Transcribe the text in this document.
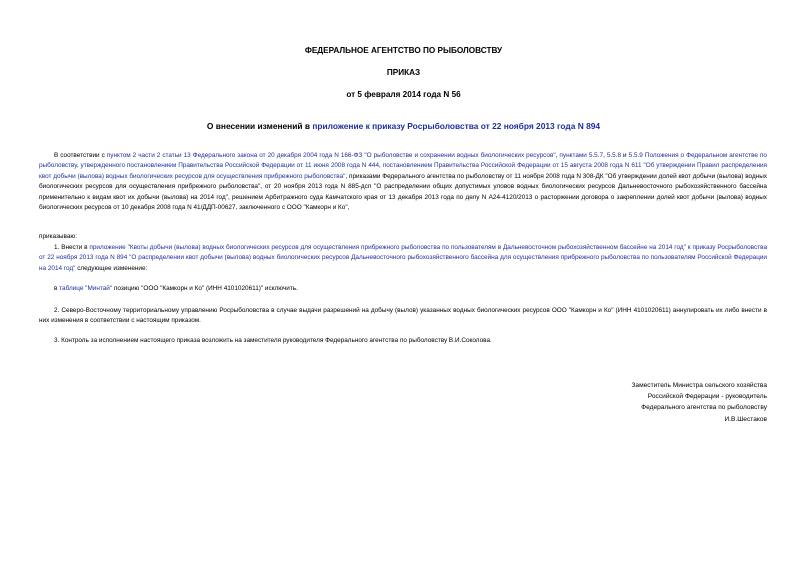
ФЕДЕРАЛЬНОЕ АГЕНТСТВО ПО РЫБОЛОВСТВУ
ПРИКАЗ
от 5 февраля 2014 года N 56
О внесении изменений в приложение к приказу Росрыболовства от 22 ноября 2013 года N 894

В соответствии с пунктом 2 части 2 статьи 13 Федерального закона от 20 декабря 2004 года N 166-ФЗ "О рыболовстве и сохранении водных биологических ресурсов", пунктами 5.5.7, 5.5.8 и 5.5.9 Положения о Федеральном агентстве по рыболовству, утвержденного постановлением Правительства Российской Федерации от 11 июня 2008 года N 444, постановлением Правительства Российской Федерации от 15 августа 2008 года N 611 "Об утверждении Правил распределения квот добычи (вылова) водных биологических ресурсов для осуществления прибрежного рыболовства", приказами Федерального агентства по рыболовству от 11 ноября 2008 года N 308-ДК "Об утверждении долей квот добычи (вылова) водных биологических ресурсов для осуществления прибрежного рыболовства", от 20 ноября 2013 года N 885-дсп "О распределении общих допустимых уловов водных биологических ресурсов Дальневосточного рыбохозяйственного бассейна применительно к видам квот их добычи (вылова) на 2014 год", решением Арбитражного суда Камчатского края от 13 декабря 2013 года по делу N А24-4120/2013 о расторжении договора о закреплении долей квот добычи (вылова) водных биологических ресурсов от 10 декабря 2008 года N 41/ДДП-00627, заключенного с ООО "Камкорн и Ко",

приказываю:

1. Внести в приложение "Квоты добычи (вылова) водных биологических ресурсов для осуществления прибрежного рыболовства по пользователям в Дальневосточном рыбохозяйственном бассейне на 2014 год" к приказу Росрыболовства от 22 ноября 2013 года N 894 "О распределении квот добычи (вылова) водных биологических ресурсов Дальневосточного рыбохозяйственного бассейна для осуществления прибрежного рыболовства по пользователям Российской Федерации на 2014 год" следующее изменение:

в таблице "Минтай" позицию "ООО "Камкорн и Ко" (ИНН 4101020611)" исключить.

2. Северо-Восточному территориальному управлению Росрыболовства в случае выдачи разрешений на добычу (вылов) указанных водных биологических ресурсов ООО "Камкорн и Ко" (ИНН 4101020611) аннулировать их либо внести в них изменения в соответствии с настоящим приказом.

3. Контроль за исполнением настоящего приказа возложить на заместителя руководителя Федерального агентства по рыболовству В.И.Соколова.

Заместитель Министра сельского хозяйства
Российской Федерации - руководитель
Федерального агентства по рыболовству
И.В.Шестаков
